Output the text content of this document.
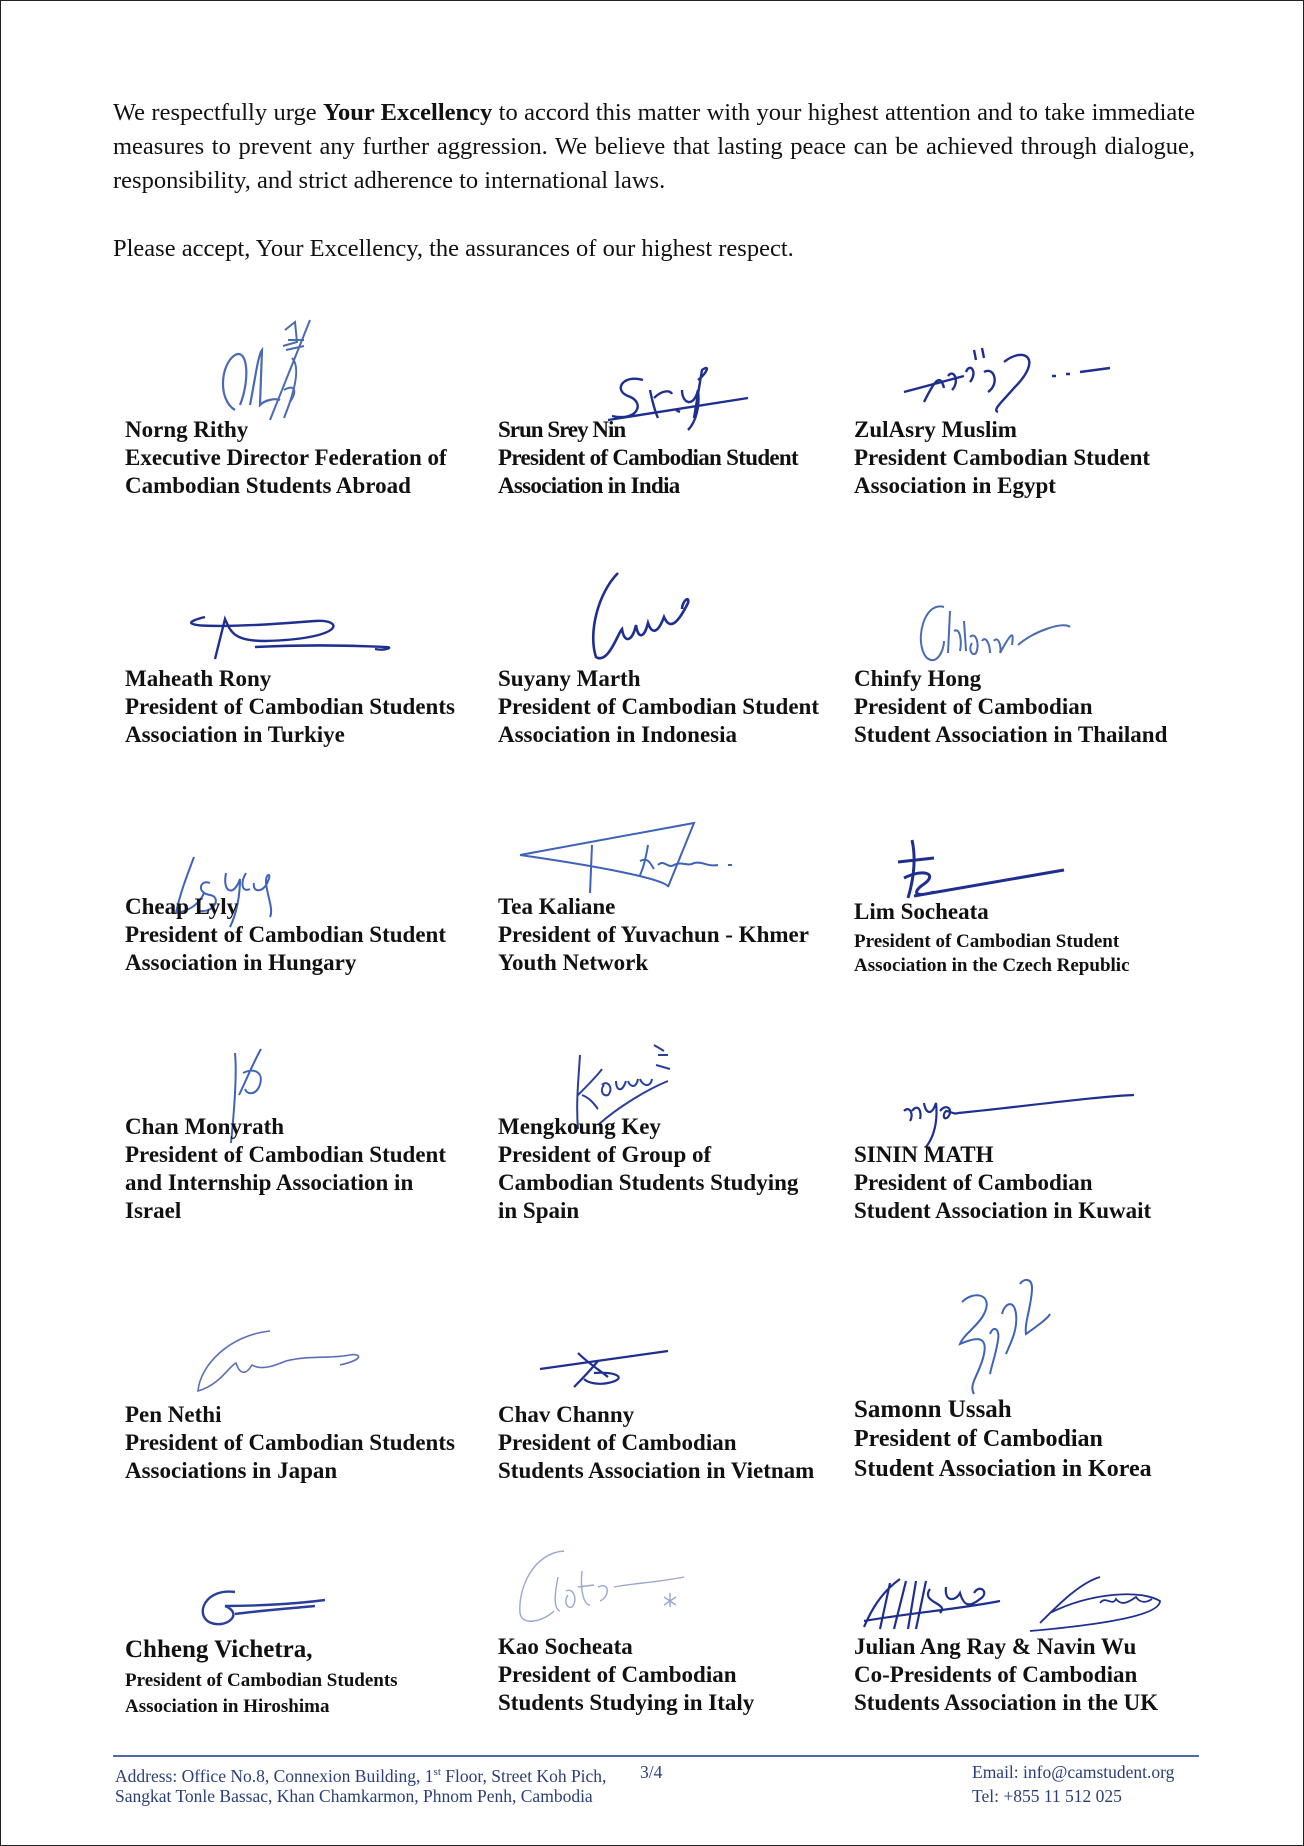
We respectfully urge Your Excellency to accord this matter with your highest attention and to take immediate measures to prevent any further aggression. We believe that lasting peace can be achieved through dialogue, responsibility, and strict adherence to international laws.

Please accept, Your Excellency, the assurances of our highest respect.

Norng Rithy
Executive Director Federation of
Cambodian Students Abroad
Srun Srey Nin
President of Cambodian Student
Association in India
ZulAsry Muslim
President Cambodian Student
Association in Egypt
Maheath Rony
President of Cambodian Students
Association in Turkiye
Suyany Marth
President of Cambodian Student
Association in Indonesia
Chinfy Hong
President of Cambodian
Student Association in Thailand
Cheap Lyly
President of Cambodian Student
Association in Hungary
Tea Kaliane
President of Yuvachun - Khmer
Youth Network
Lim Socheata
President of Cambodian Student
Association in the Czech Republic
Chan Monyrath
President of Cambodian Student
and Internship Association in
Israel
Mengkoung Key
President of Group of
Cambodian Students Studying
in Spain
SININ MATH
President of Cambodian
Student Association in Kuwait
Pen Nethi
President of Cambodian Students
Associations in Japan
Chav Channy
President of Cambodian
Students Association in Vietnam
Samonn Ussah
President of Cambodian
Student Association in Korea
Chheng Vichetra,
President of Cambodian Students
Association in Hiroshima
Kao Socheata
President of Cambodian
Students Studying in Italy
Julian Ang Ray & Navin Wu
Co-Presidents of Cambodian
Students Association in the UK
Address: Office No.8, Connexion Building, 1st Floor, Street Koh Pich,
Sangkat Tonle Bassac, Khan Chamkarmon, Phnom Penh, Cambodia
3/4	Email: info@camstudent.org
Tel: +855 11 512 025
